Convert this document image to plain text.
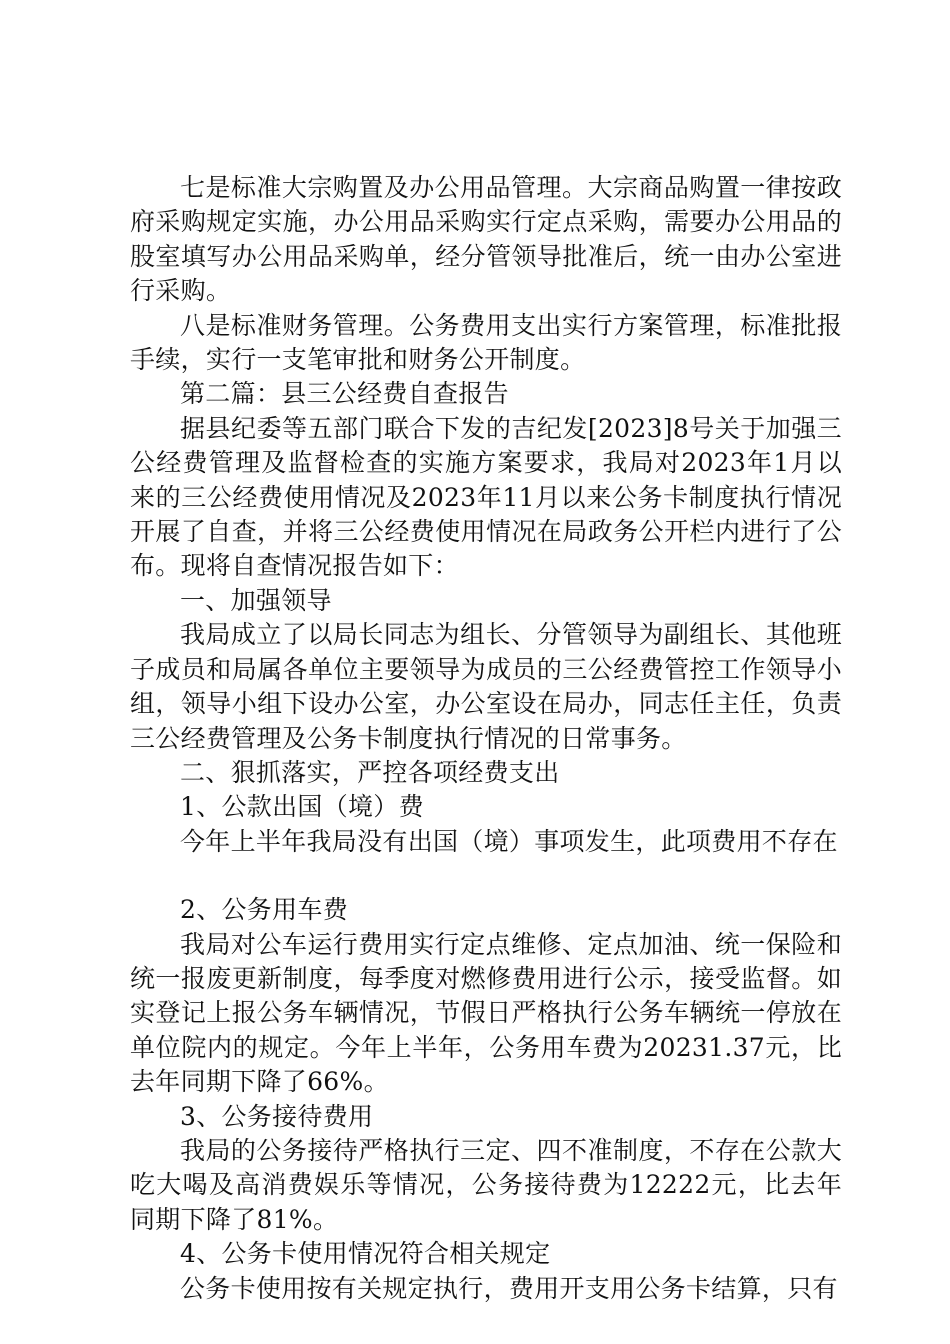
七是标准大宗购置及办公用品管理。大宗商品购置一律按政府采购规定实施，办公用品采购实行定点采购，需要办公用品的股室填写办公用品采购单，经分管领导批准后，统一由办公室进行采购。

八是标准财务管理。公务费用支出实行方案管理，标准批报手续，实行一支笔审批和财务公开制度。

第二篇：县三公经费自查报告

据县纪委等五部门联合下发的吉纪发[2023]8号关于加强三公经费管理及监督检查的实施方案要求，我局对2023年1月以来的三公经费使用情况及2023年11月以来公务卡制度执行情况开展了自查，并将三公经费使用情况在局政务公开栏内进行了公布。现将自查情况报告如下：

一、加强领导

我局成立了以局长同志为组长、分管领导为副组长、其他班子成员和局属各单位主要领导为成员的三公经费管控工作领导小组，领导小组下设办公室，办公室设在局办，同志任主任，负责三公经费管理及公务卡制度执行情况的日常事务。

二、狠抓落实，严控各项经费支出

1、公款出国（境）费

今年上半年我局没有出国（境）事项发生，此项费用不存在

2、公务用车费

我局对公车运行费用实行定点维修、定点加油、统一保险和统一报废更新制度，每季度对燃修费用进行公示，接受监督。如实登记上报公务车辆情况，节假日严格执行公务车辆统一停放在单位院内的规定。今年上半年，公务用车费为20231.37元，比去年同期下降了66%。

3、公务接待费用

我局的公务接待严格执行三定、四不准制度，不存在公款大吃大喝及高消费娱乐等情况，公务接待费为12222元，比去年同期下降了81%。

4、公务卡使用情况符合相关规定

公务卡使用按有关规定执行，费用开支用公务卡结算，只有
